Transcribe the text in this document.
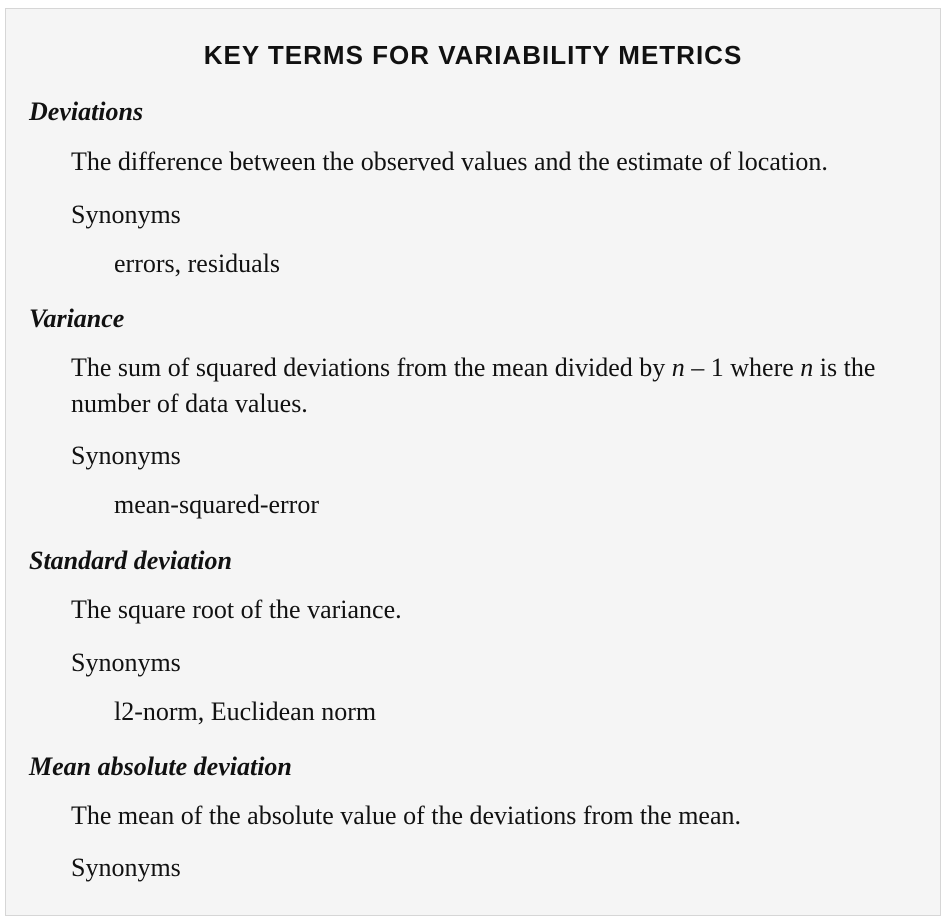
KEY TERMS FOR VARIABILITY METRICS
Deviations
The difference between the observed values and the estimate of location.
Synonyms
errors, residuals
Variance
The sum of squared deviations from the mean divided by n – 1 where n is the number of data values.
Synonyms
mean-squared-error
Standard deviation
The square root of the variance.
Synonyms
l2-norm, Euclidean norm
Mean absolute deviation
The mean of the absolute value of the deviations from the mean.
Synonyms
